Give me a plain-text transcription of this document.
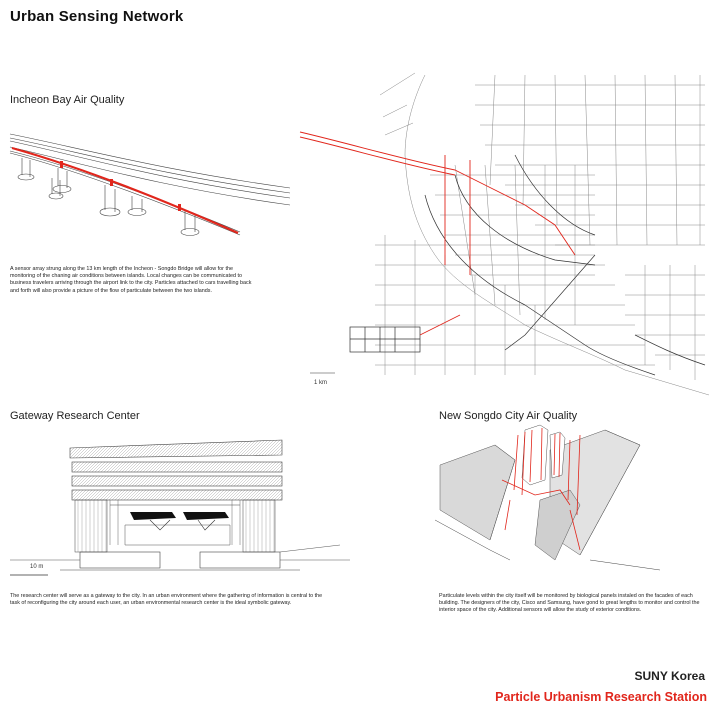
Urban Sensing Network
Incheon Bay Air Quality
A sensor array strung along the 13 km length of the Incheon - Songdo Bridge will allow for the monitoring of the chaning air conditions between islands. Local changes can be communicated to business travelers arriving through the airport link to the city. Particles attached to cars travelling back and forth will also provide a picture of the flow of particulate between the two islands.
1 km
Gateway Research Center
10 m
The research center will serve as a gateway to the city. In an urban environment where the gathering of information is central to the task of reconfiguring the city around each user, an urban environmental research center is the ideal symbolic gateway.
New Songdo City Air Quality
Particulate levels within the city itself will be monitored by biological panels instaled on the facades of each building. The designers of the city, Cisco and Samsung, have gond to great lengths to monitor and control the interior space of the city. Additional sensors will allow the study of exterior conditions.
SUNY Korea
Particle Urbanism Research Station
